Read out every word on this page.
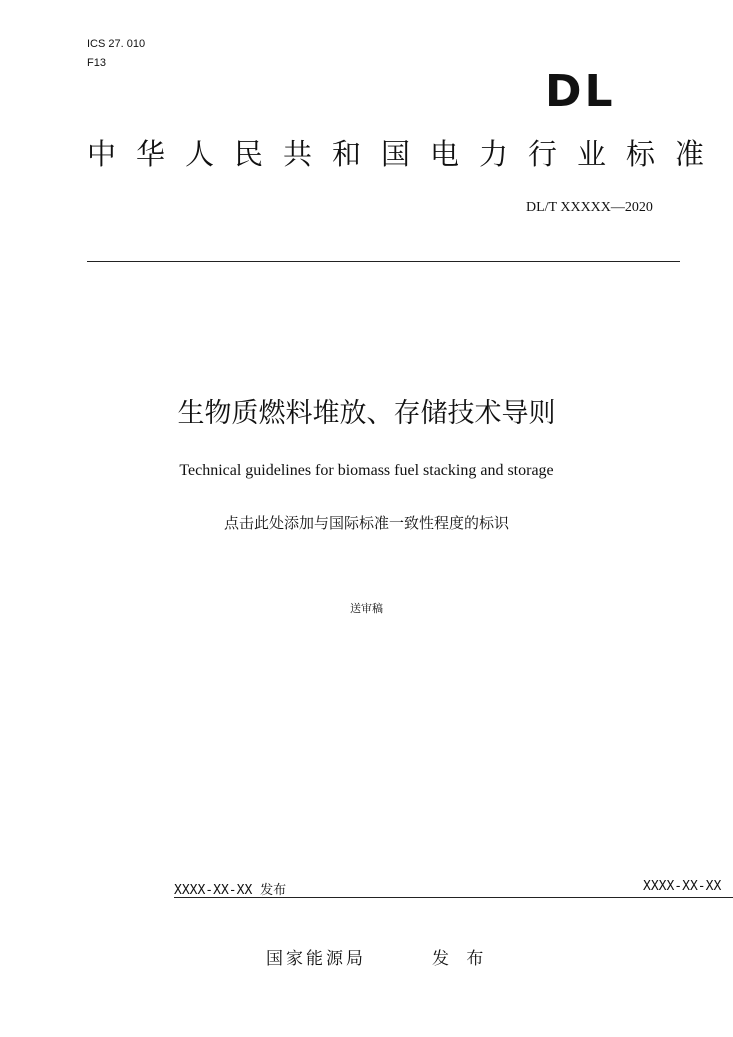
ICS 27. 010
F13
DL
中华人民共和国电力行业标准
DL/T XXXXX—2020
生物质燃料堆放、存储技术导则
Technical guidelines for biomass fuel stacking and storage
点击此处添加与国际标准一致性程度的标识
送审稿
XXXX-XX-XX 发布	XXXX-XX-XX
国家能源局	发 布
